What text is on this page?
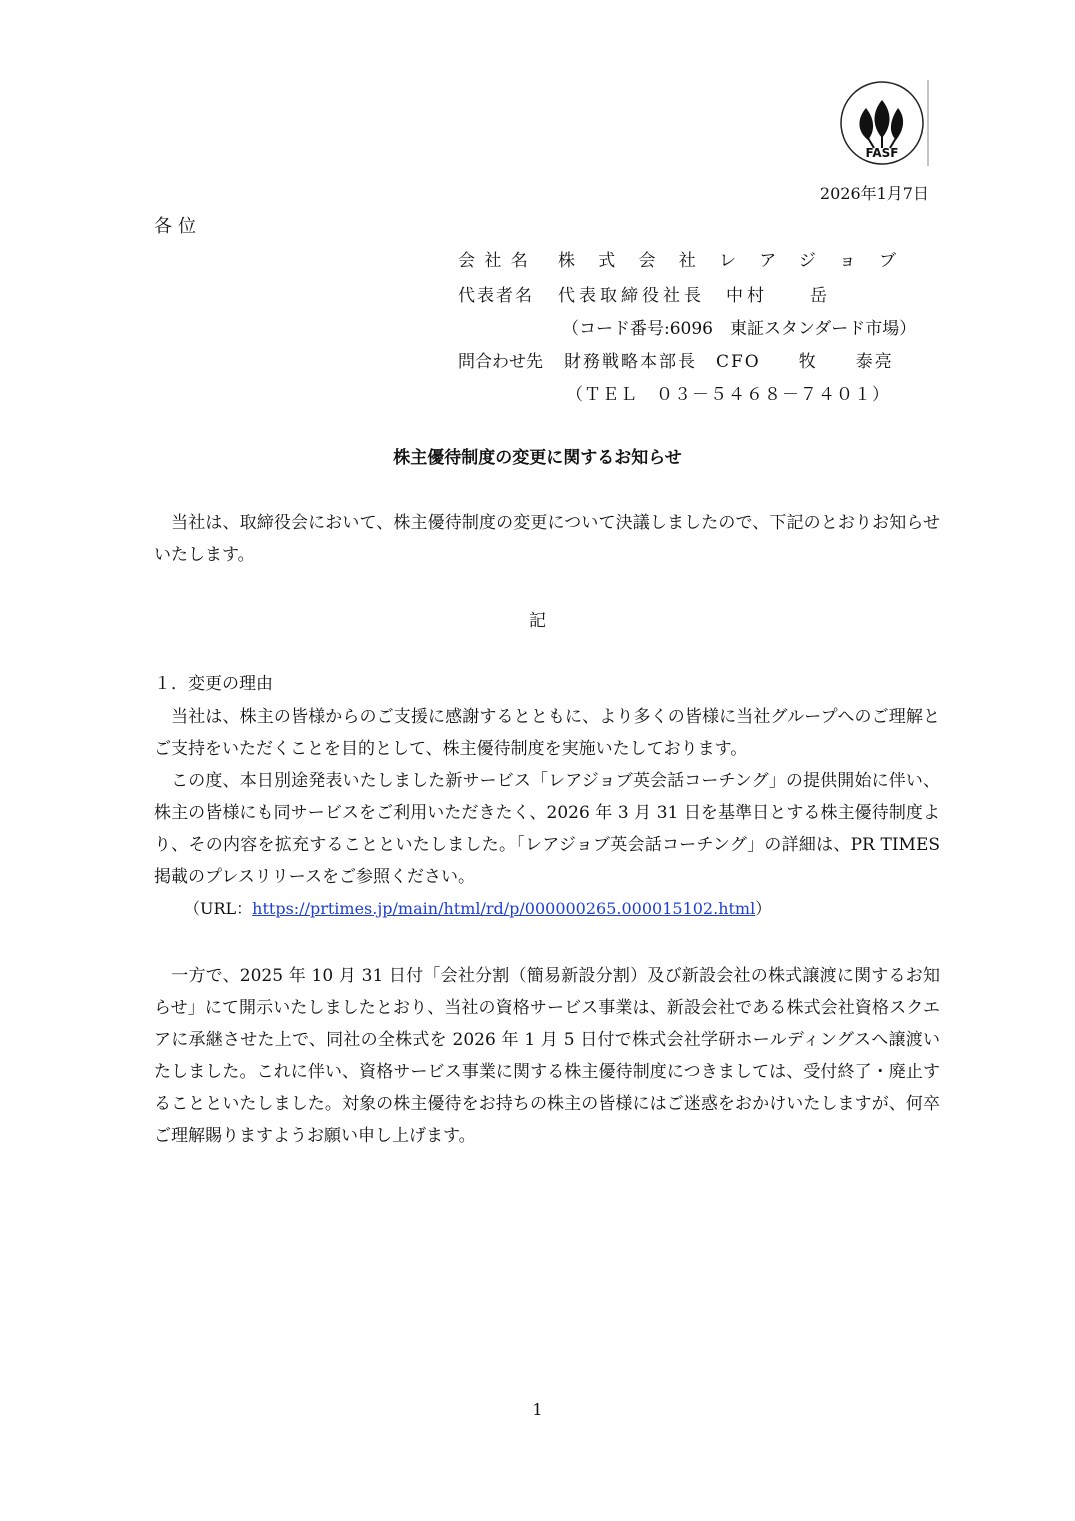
FASF
2026年1月7日
各位
会 社 名 株式会社レアジョブ
代表者名 代表取締役社長　中村　　岳
（コード番号:6096　東証スタンダード市場）
問合わせ先 財務戦略本部長　CFO　　牧　　泰亮
（ＴＥＬ　０３－５４６８－７４０１）
株主優待制度の変更に関するお知らせ
　当社は、取締役会において、株主優待制度の変更について決議しましたので、下記のとおりお知らせいたします。
記
１．変更の理由
　当社は、株主の皆様からのご支援に感謝するとともに、より多くの皆様に当社グループへのご理解とご支持をいただくことを目的として、株主優待制度を実施いたしております。
　この度、本日別途発表いたしました新サービス「レアジョブ英会話コーチング」の提供開始に伴い、株主の皆様にも同サービスをご利用いただきたく、2026 年 3 月 31 日を基準日とする株主優待制度より、その内容を拡充することといたしました。「レアジョブ英会話コーチング」の詳細は、PR TIMES 掲載のプレスリリースをご参照ください。
（URL：https://prtimes.jp/main/html/rd/p/000000265.000015102.html）
　一方で、2025 年 10 月 31 日付「会社分割（簡易新設分割）及び新設会社の株式譲渡に関するお知らせ」にて開示いたしましたとおり、当社の資格サービス事業は、新設会社である株式会社資格スクエアに承継させた上で、同社の全株式を 2026 年 1 月 5 日付で株式会社学研ホールディングスへ譲渡いたしました。これに伴い、資格サービス事業に関する株主優待制度につきましては、受付終了・廃止することといたしました。対象の株主優待をお持ちの株主の皆様にはご迷惑をおかけいたしますが、何卒ご理解賜りますようお願い申し上げます。
1
